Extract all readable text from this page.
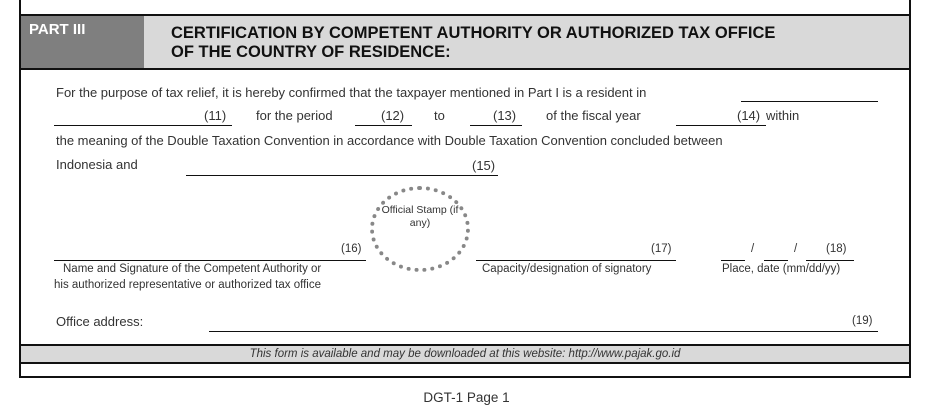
PART III	CERTIFICATION BY COMPETENT AUTHORITY OR AUTHORIZED TAX OFFICE
OF THE COUNTRY OF RESIDENCE:
For the purpose of tax relief, it is hereby confirmed that the taxpayer mentioned in Part I is a resident in
(11) for the period	(12) to	(13) of the fiscal year	(14) within
the meaning of the Double Taxation Convention in accordance with Double Taxation Convention concluded between
Indonesia and	(15)
Official Stamp (if any)
(16)
Name and Signature of the Competent Authority or
his authorized representative or authorized tax office
(17)
Capacity/designation of signatory
/	/	(18)
Place, date (mm/dd/yy)
Office address:	(19)
This form is available and may be downloaded at this website: http://www.pajak.go.id
DGT-1 Page 1
